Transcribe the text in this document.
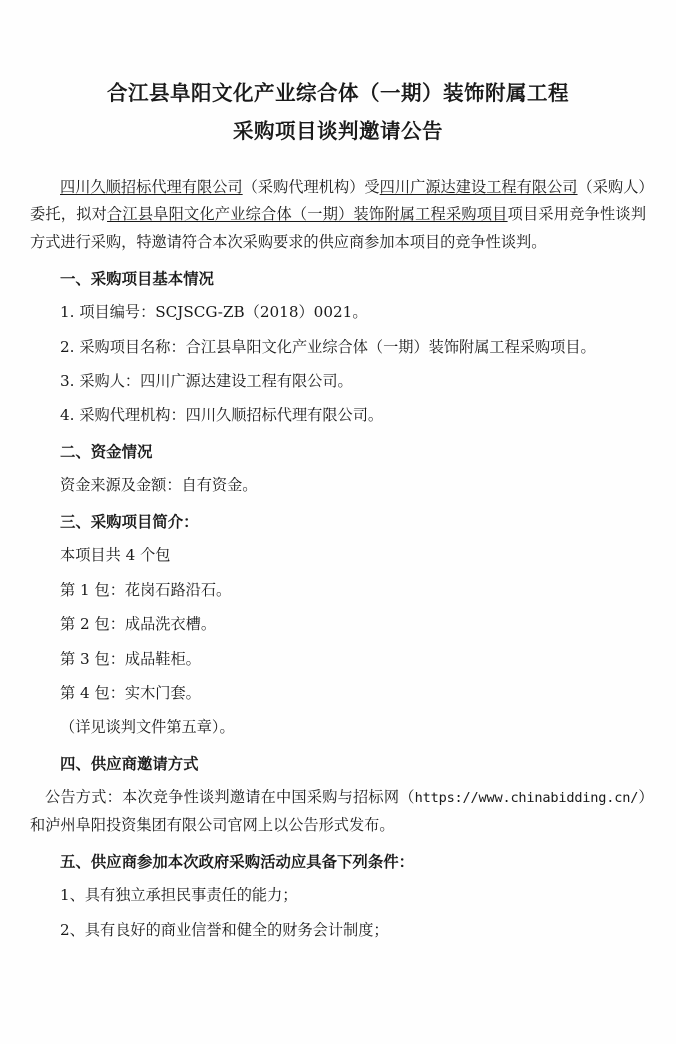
合江县阜阳文化产业综合体（一期）装饰附属工程
采购项目谈判邀请公告

四川久顺招标代理有限公司（采购代理机构）受四川广源达建设工程有限公司（采购人）委托，拟对合江县阜阳文化产业综合体（一期）装饰附属工程采购项目项目采用竞争性谈判方式进行采购，特邀请符合本次采购要求的供应商参加本项目的竞争性谈判。

一、采购项目基本情况

1. 项目编号：SCJSCG-ZB（2018）0021。

2. 采购项目名称：合江县阜阳文化产业综合体（一期）装饰附属工程采购项目。

3. 采购人：四川广源达建设工程有限公司。

4. 采购代理机构：四川久顺招标代理有限公司。

二、资金情况

资金来源及金额：自有资金。

三、采购项目简介：

本项目共 4 个包

第 1 包：花岗石路沿石。

第 2 包：成品洗衣槽。

第 3 包：成品鞋柜。

第 4 包：实木门套。

（详见谈判文件第五章）。

四、供应商邀请方式

公告方式：本次竞争性谈判邀请在中国采购与招标网（https://www.chinabidding.cn/）和泸州阜阳投资集团有限公司官网上以公告形式发布。

五、供应商参加本次政府采购活动应具备下列条件：

1、具有独立承担民事责任的能力；

2、具有良好的商业信誉和健全的财务会计制度；
